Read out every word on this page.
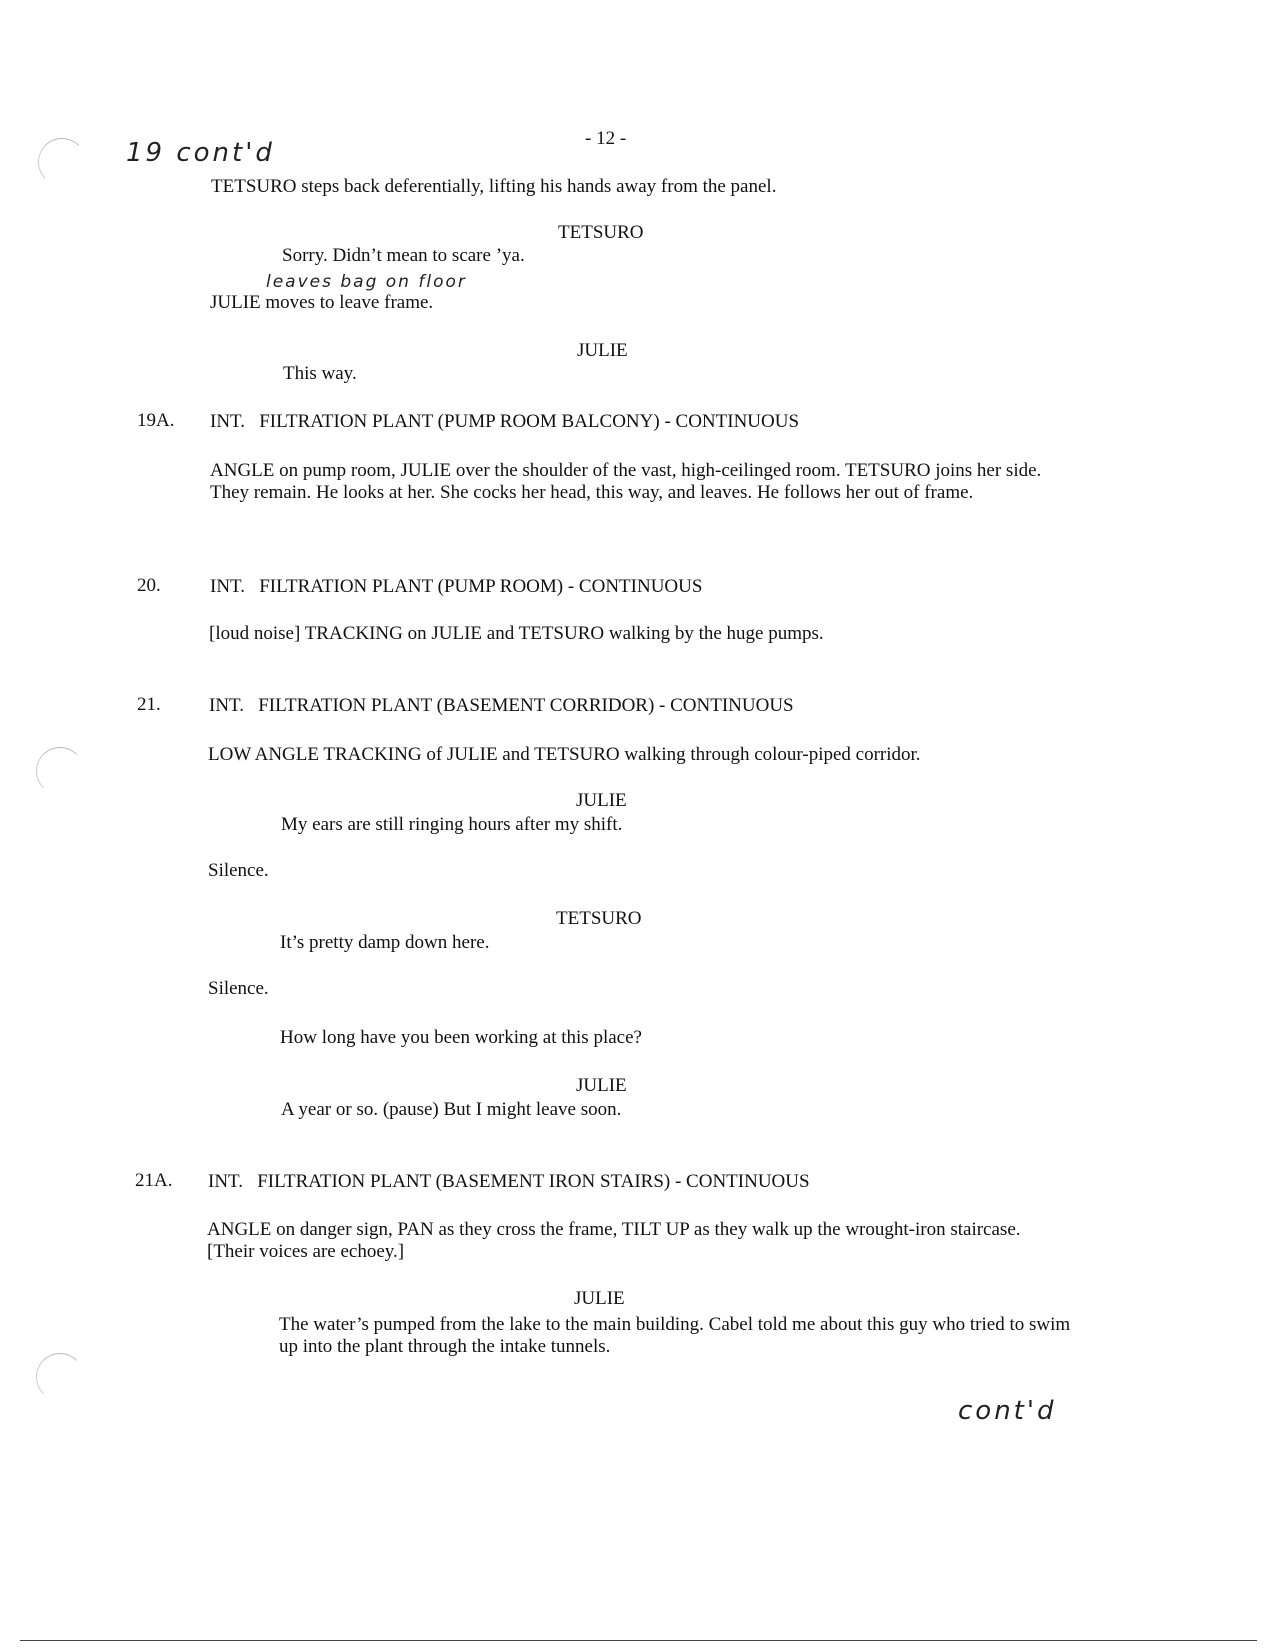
19 cont'd
leaves bag on floor
cont'd
- 12 -
TETSURO steps back deferentially, lifting his hands away from the panel.
TETSURO
Sorry. Didn’t mean to scare ’ya.
JULIE moves to leave frame.
JULIE
This way.
19A. INT.   FILTRATION PLANT (PUMP ROOM BALCONY) - CONTINUOUS
ANGLE on pump room, JULIE over the shoulder of the vast, high-ceilinged room. TETSURO joins her side. They remain. He looks at her. She cocks her head, this way, and leaves. He follows her out of frame.
20.	INT.   FILTRATION PLANT (PUMP ROOM) - CONTINUOUS
[loud noise] TRACKING on JULIE and TETSURO walking by the huge pumps.
21.	INT.   FILTRATION PLANT (BASEMENT CORRIDOR) - CONTINUOUS
LOW ANGLE TRACKING of JULIE and TETSURO walking through colour-piped corridor.
JULIE
My ears are still ringing hours after my shift.
Silence.
TETSURO
It’s pretty damp down here.
Silence.
How long have you been working at this place?
JULIE
A year or so. (pause) But I might leave soon.
21A. INT.   FILTRATION PLANT (BASEMENT IRON STAIRS) - CONTINUOUS
ANGLE on danger sign, PAN as they cross the frame, TILT UP as they walk up the wrought-iron staircase. [Their voices are echoey.]
JULIE
The water’s pumped from the lake to the main building. Cabel told me about this guy who tried to swim up into the plant through the intake tunnels.
